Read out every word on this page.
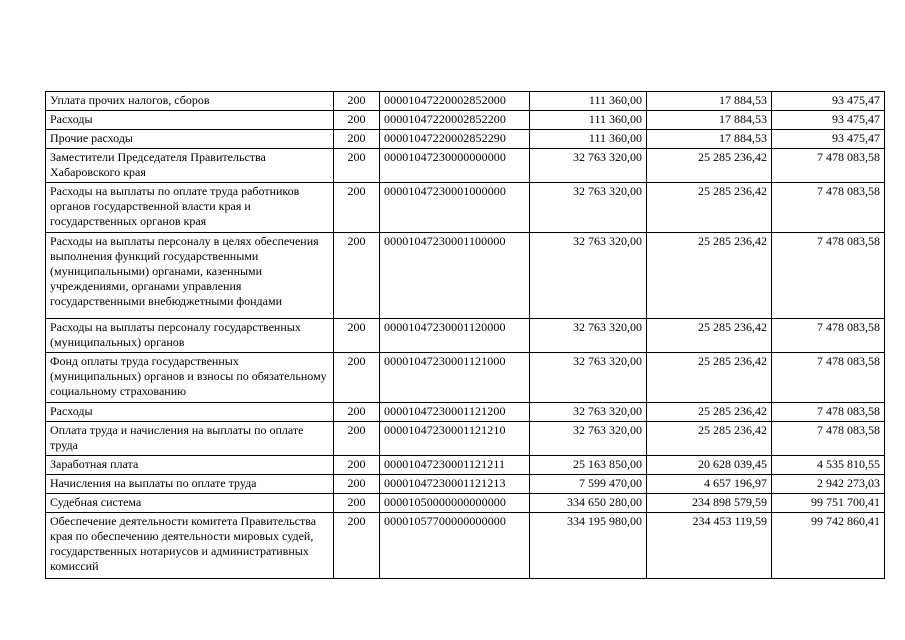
Уплата прочих налогов, сборов	200	00001047220002852000	111 360,00	17 884,53	93 475,47
Расходы	200	00001047220002852200	111 360,00	17 884,53	93 475,47
Прочие расходы	200	00001047220002852290	111 360,00	17 884,53	93 475,47
Заместители Председателя Правительства Хабаровского края	200	00001047230000000000	32 763 320,00	25 285 236,42	7 478 083,58
Расходы на выплаты по оплате труда работников органов государственной власти края и государственных органов края	200	00001047230001000000	32 763 320,00	25 285 236,42	7 478 083,58
Расходы на выплаты персоналу в целях обеспечения выполнения функций государственными (муниципальными) органами, казенными учреждениями, органами управления государственными внебюджетными фондами	200	00001047230001100000	32 763 320,00	25 285 236,42	7 478 083,58
Расходы на выплаты персоналу государственных (муниципальных) органов	200	00001047230001120000	32 763 320,00	25 285 236,42	7 478 083,58
Фонд оплаты труда государственных (муниципальных) органов и взносы по обязательному социальному страхованию	200	00001047230001121000	32 763 320,00	25 285 236,42	7 478 083,58
Расходы	200	00001047230001121200	32 763 320,00	25 285 236,42	7 478 083,58
Оплата труда и начисления на выплаты по оплате труда	200	00001047230001121210	32 763 320,00	25 285 236,42	7 478 083,58
Заработная плата	200	00001047230001121211	25 163 850,00	20 628 039,45	4 535 810,55
Начисления на выплаты по оплате труда	200	00001047230001121213	7 599 470,00	4 657 196,97	2 942 273,03
Судебная система	200	00001050000000000000	334 650 280,00	234 898 579,59	99 751 700,41
Обеспечение деятельности комитета Правительства края по обеспечению деятельности мировых судей, государственных нотариусов и административных комиссий	200	00001057700000000000	334 195 980,00	234 453 119,59	99 742 860,41
